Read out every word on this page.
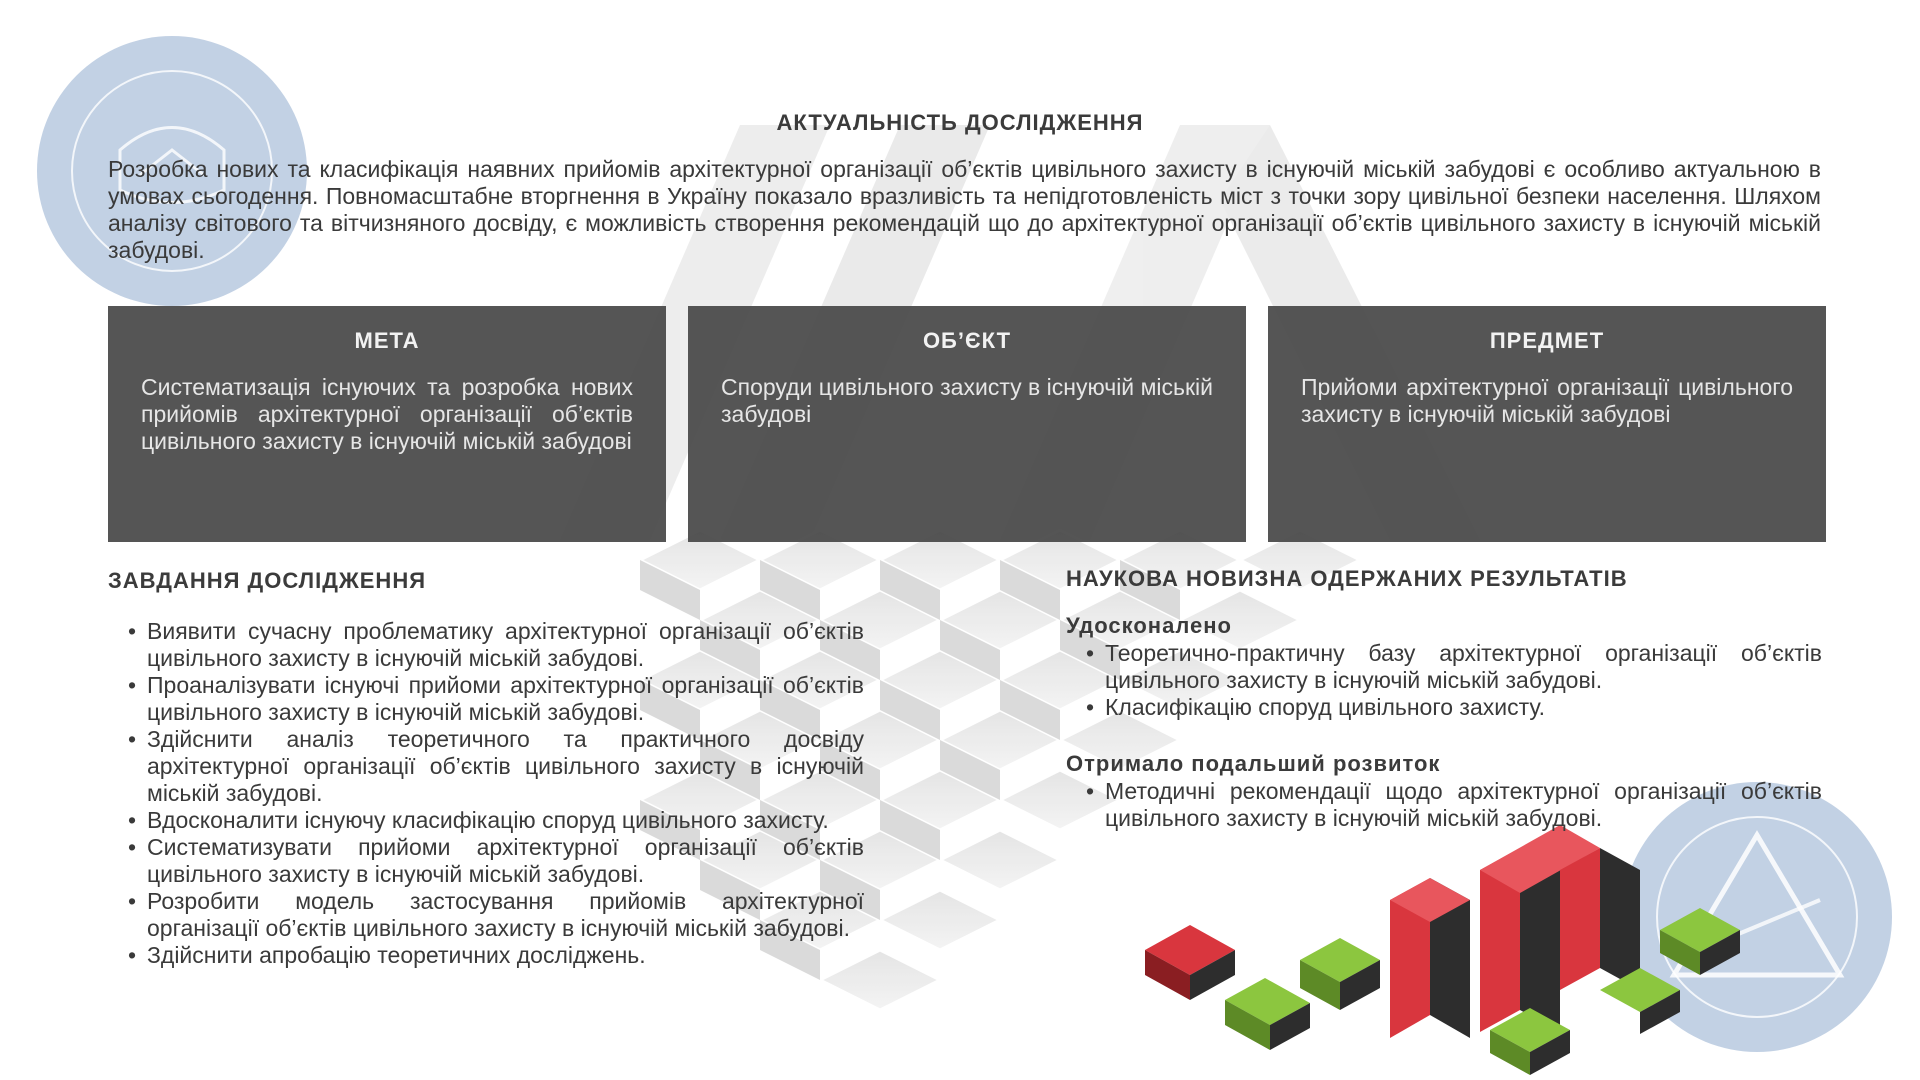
АКТУАЛЬНІСТЬ ДОСЛІДЖЕННЯ
Розробка нових та класифікація наявних прийомів архітектурної організації об’єктів цивільного захисту в існуючій міській забудові є особливо актуальною в умовах сьогодення. Повномасштабне вторгнення в Україну показало вразливість та непідготовленість міст з точки зору цивільної безпеки населення. Шляхом аналізу світового та вітчизняного досвіду, є можливість створення рекомендацій що до архітектурної організації об’єктів цивільного захисту в існуючій міській забудові.
МЕТА
Систематизація існуючих та розробка нових прийомів архітектурної організації об’єктів цивільного захисту в існуючій міській забудові
ОБ’ЄКТ
Споруди цивільного захисту в існуючій міській забудові
ПРЕДМЕТ
Прийоми архітектурної організації цивільного захисту в існуючій міській забудові
ЗАВДАННЯ ДОСЛІДЖЕННЯ
• Виявити сучасну проблематику архітектурної організації об’єктів цивільного захисту в існуючій міській забудові.
• Проаналізувати існуючі прийоми архітектурної організації об’єктів цивільного захисту в існуючій міській забудові.
• Здійснити аналіз теоретичного та практичного досвіду архітектурної організації об’єктів цивільного захисту в існуючій міській забудові.
• Вдосконалити існуючу класифікацію споруд цивільного захисту.
• Систематизувати прийоми архітектурної організації об’єктів цивільного захисту в існуючій міській забудові.
• Розробити модель застосування прийомів архітектурної організації об’єктів цивільного захисту в існуючій міській забудові.
• Здійснити апробацію теоретичних досліджень.
НАУКОВА НОВИЗНА ОДЕРЖАНИХ РЕЗУЛЬТАТІВ
Удосконалено
• Теоретично-практичну базу архітектурної організації об’єктів цивільного захисту в існуючій міській забудові.
• Класифікацію споруд цивільного захисту.
Отримало подальший розвиток
• Методичні рекомендації щодо архітектурної організації об’єктів цивільного захисту в існуючій міській забудові.
